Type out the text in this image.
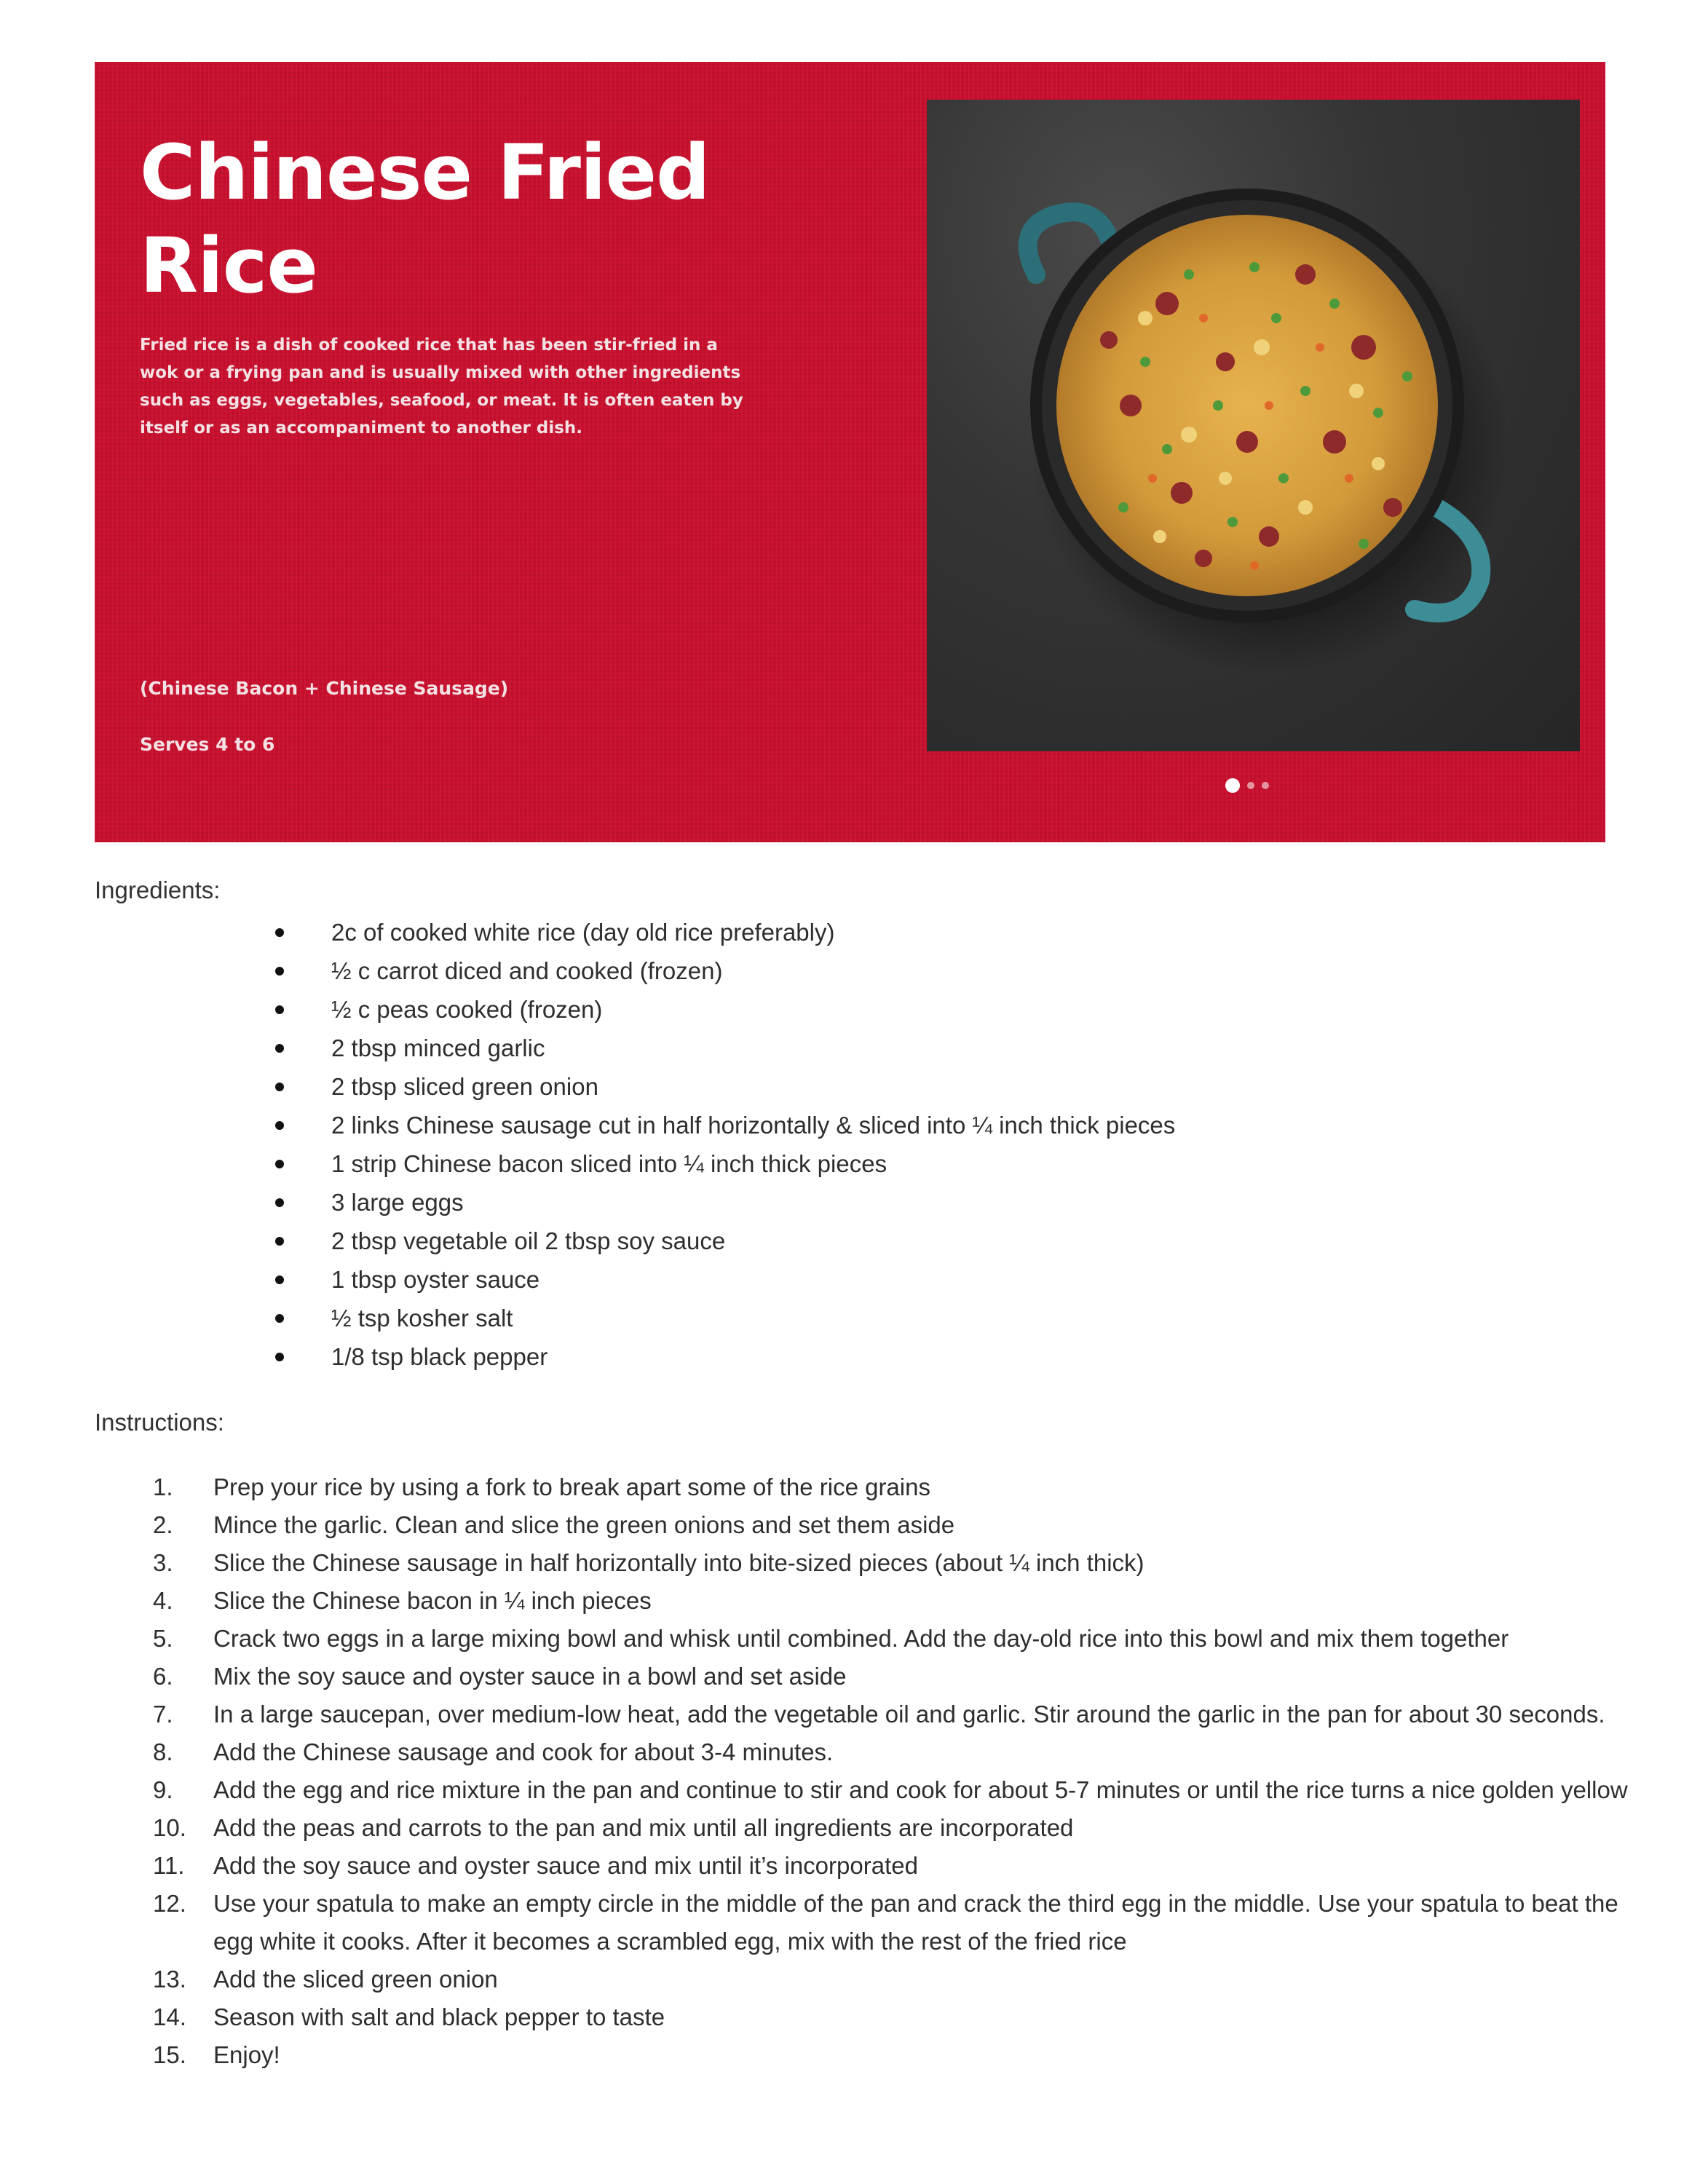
Chinese Fried Rice

Fried rice is a dish of cooked rice that has been stir-fried in a wok or a frying pan and is usually mixed with other ingredients such as eggs, vegetables, seafood, or meat. It is often eaten by itself or as an accompaniment to another dish.

(Chinese Bacon + Chinese Sausage)

Serves 4 to 6

Ingredients:
2c of cooked white rice (day old rice preferably)
½ c carrot diced and cooked (frozen)
½ c peas cooked (frozen)
2 tbsp minced garlic
2 tbsp sliced green onion
2 links Chinese sausage cut in half horizontally & sliced into ¼ inch thick pieces
1 strip Chinese bacon sliced into ¼ inch thick pieces
3 large eggs
2 tbsp vegetable oil 2 tbsp soy sauce
1 tbsp oyster sauce
½ tsp kosher salt
1/8 tsp black pepper
Instructions:
1.	Prep your rice by using a fork to break apart some of the rice grains
2.	Mince the garlic. Clean and slice the green onions and set them aside
3.	Slice the Chinese sausage in half horizontally into bite-sized pieces (about ¼ inch thick)
4.	Slice the Chinese bacon in ¼ inch pieces
5.	Crack two eggs in a large mixing bowl and whisk until combined. Add the day-old rice into this bowl and mix them together
6.	Mix the soy sauce and oyster sauce in a bowl and set aside
7.	In a large saucepan, over medium-low heat, add the vegetable oil and garlic. Stir around the garlic in the pan for about 30 seconds.
8.	Add the Chinese sausage and cook for about 3-4 minutes.
9.	Add the egg and rice mixture in the pan and continue to stir and cook for about 5-7 minutes or until the rice turns a nice golden yellow
10.	Add the peas and carrots to the pan and mix until all ingredients are incorporated
11.	Add the soy sauce and oyster sauce and mix until it’s incorporated
12.	Use your spatula to make an empty circle in the middle of the pan and crack the third egg in the middle. Use your spatula to beat the egg white it cooks. After it becomes a scrambled egg, mix with the rest of the fried rice
13.	Add the sliced green onion
14.	Season with salt and black pepper to taste
15.	Enjoy!
